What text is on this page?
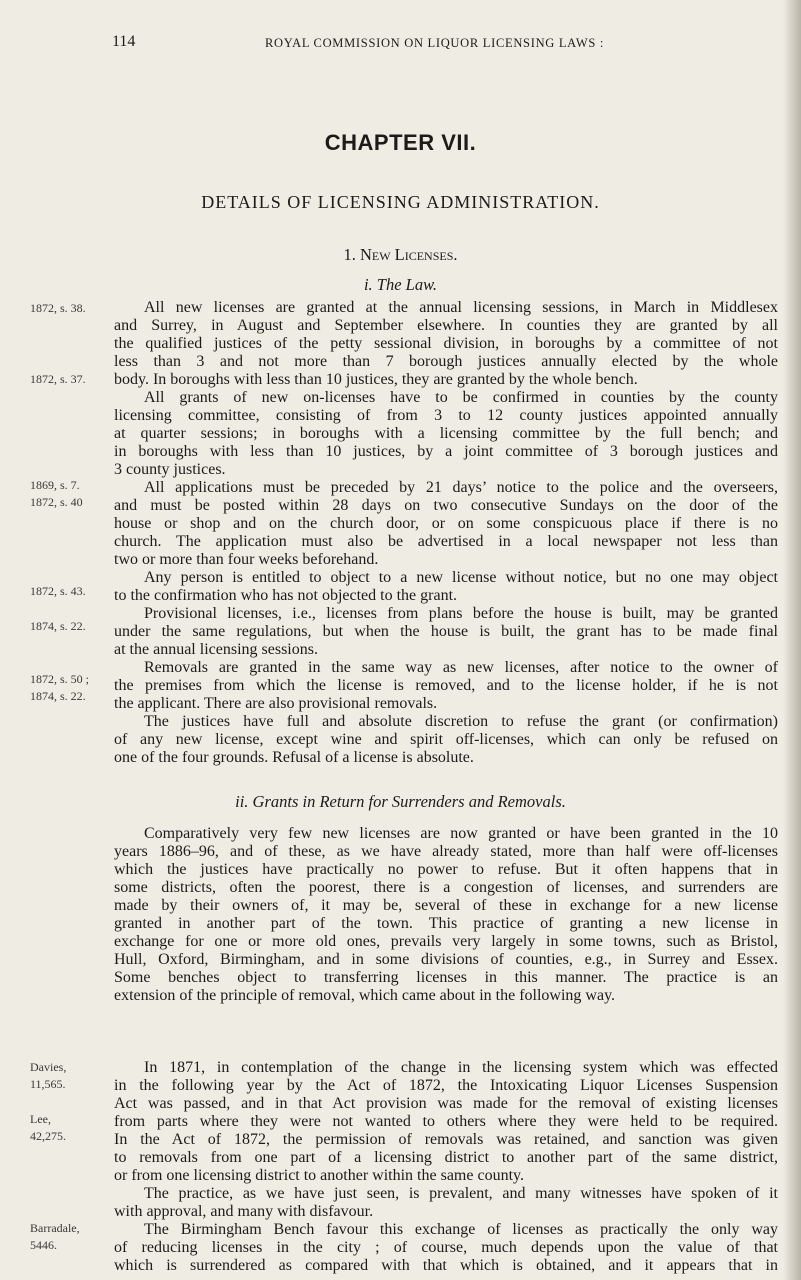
114	ROYAL COMMISSION ON LIQUOR LICENSING LAWS :
CHAPTER VII.
DETAILS OF LICENSING ADMINISTRATION.
1. New Licenses.
i. The Law.
ii. Grants in Return for Surrenders and Removals.
1872, s. 38.
1872, s. 37.
1869, s. 7.
1872, s. 40
1872, s. 43.
1874, s. 22.
1872, s. 50 ;
1874, s. 22.
Davies,
11,565.
Lee,
42,275.
Barradale,
5446.
All new licenses are granted at the annual licensing sessions, in March in Middlesex
and Surrey, in August and September elsewhere. In counties they are granted by all
the qualified justices of the petty sessional division, in boroughs by a committee of not
less than 3 and not more than 7 borough justices annually elected by the whole
body. In boroughs with less than 10 justices, they are granted by the whole bench.
All grants of new on-licenses have to be confirmed in counties by the county
licensing committee, consisting of from 3 to 12 county justices appointed annually
at quarter sessions; in boroughs with a licensing committee by the full bench; and
in boroughs with less than 10 justices, by a joint committee of 3 borough justices and
3 county justices.
All applications must be preceded by 21 days’ notice to the police and the overseers,
and must be posted within 28 days on two consecutive Sundays on the door of the
house or shop and on the church door, or on some conspicuous place if there is no
church. The application must also be advertised in a local newspaper not less than
two or more than four weeks beforehand.
Any person is entitled to object to a new license without notice, but no one may object
to the confirmation who has not objected to the grant.
Provisional licenses, i.e., licenses from plans before the house is built, may be granted
under the same regulations, but when the house is built, the grant has to be made final
at the annual licensing sessions.
Removals are granted in the same way as new licenses, after notice to the owner of
the premises from which the license is removed, and to the license holder, if he is not
the applicant. There are also provisional removals.
The justices have full and absolute discretion to refuse the grant (or confirmation)
of any new license, except wine and spirit off-licenses, which can only be refused on
one of the four grounds. Refusal of a license is absolute.
Comparatively very few new licenses are now granted or have been granted in the 10
years 1886–96, and of these, as we have already stated, more than half were off-licenses
which the justices have practically no power to refuse. But it often happens that in
some districts, often the poorest, there is a congestion of licenses, and surrenders are
made by their owners of, it may be, several of these in exchange for a new license
granted in another part of the town. This practice of granting a new license in
exchange for one or more old ones, prevails very largely in some towns, such as Bristol,
Hull, Oxford, Birmingham, and in some divisions of counties, e.g., in Surrey and Essex.
Some benches object to transferring licenses in this manner. The practice is an
extension of the principle of removal, which came about in the following way.
In 1871, in contemplation of the change in the licensing system which was effected
in the following year by the Act of 1872, the Intoxicating Liquor Licenses Suspension
Act was passed, and in that Act provision was made for the removal of existing licenses
from parts where they were not wanted to others where they were held to be required.
In the Act of 1872, the permission of removals was retained, and sanction was given
to removals from one part of a licensing district to another part of the same district,
or from one licensing district to another within the same county.
The practice, as we have just seen, is prevalent, and many witnesses have spoken of it
with approval, and many with disfavour.
The Birmingham Bench favour this exchange of licenses as practically the only way
of reducing licenses in the city ; of course, much depends upon the value of that
which is surrendered as compared with that which is obtained, and it appears that in
